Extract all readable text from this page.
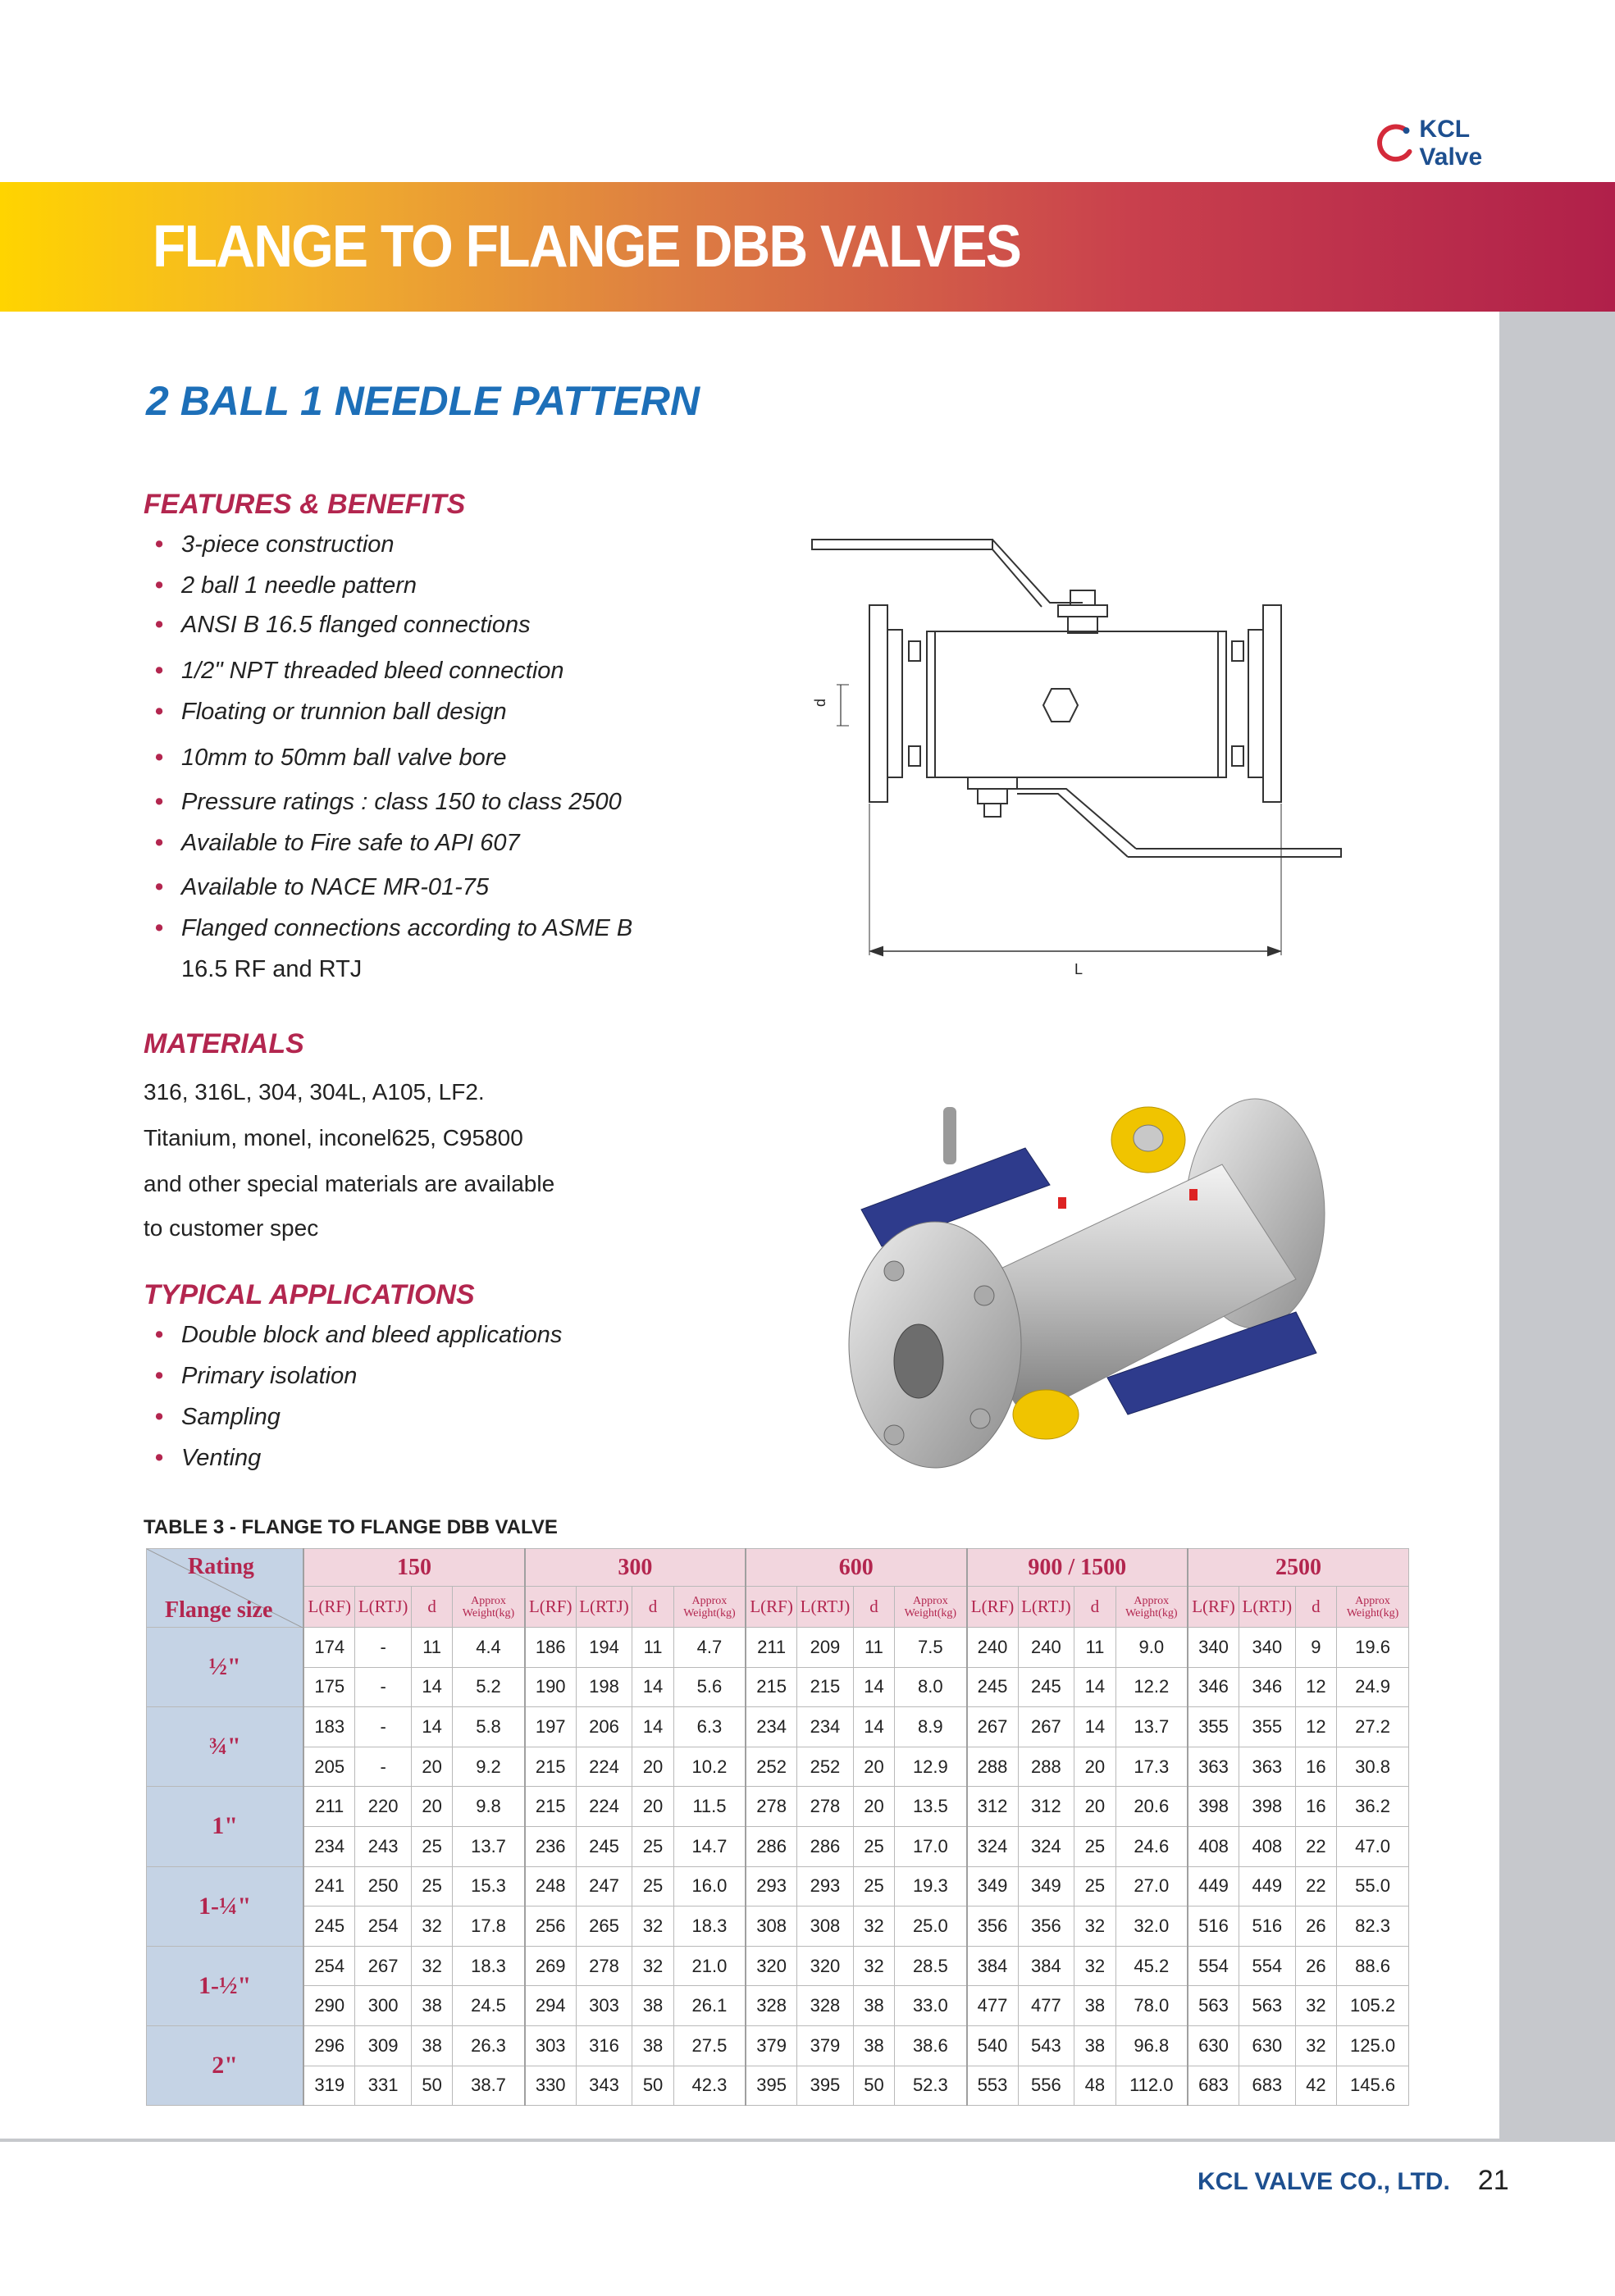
KCL Valve
FLANGE TO FLANGE DBB VALVES
2 BALL 1 NEEDLE PATTERN
FEATURES & BENEFITS
• 3-piece construction
• 2 ball 1 needle pattern
• ANSI B 16.5 flanged connections
• 1/2" NPT threaded bleed connection
• Floating or trunnion ball design
• 10mm to 50mm ball valve bore
• Pressure ratings : class 150 to class 2500
• Available to Fire safe to API 607
• Available to NACE MR-01-75
• Flanged connections according to ASME B
16.5 RF and RTJ
MATERIALS
316, 316L, 304, 304L, A105, LF2.
Titanium, monel, inconel625, C95800
and other special materials are available
to customer spec
TYPICAL APPLICATIONS
• Double block and bleed applications
• Primary isolation
• Sampling
• Venting
d
L
TABLE 3 - FLANGE TO FLANGE DBB VALVE
Rating
Flange size	150				300				600				900 / 1500				2500			
	L(RF)	L(RTJ)	d	Approx Weight(kg)	L(RF)	L(RTJ)	d	Approx Weight(kg)	L(RF)	L(RTJ)	d	Approx Weight(kg)	L(RF)	L(RTJ)	d	Approx Weight(kg)	L(RF)	L(RTJ)	d	Approx Weight(kg)
½"	174	-	11	4.4	186	194	11	4.7	211	209	11	7.5	240	240	11	9.0	340	340	9	19.6
	175	-	14	5.2	190	198	14	5.6	215	215	14	8.0	245	245	14	12.2	346	346	12	24.9
¾"	183	-	14	5.8	197	206	14	6.3	234	234	14	8.9	267	267	14	13.7	355	355	12	27.2
	205	-	20	9.2	215	224	20	10.2	252	252	20	12.9	288	288	20	17.3	363	363	16	30.8
1"	211	220	20	9.8	215	224	20	11.5	278	278	20	13.5	312	312	20	20.6	398	398	16	36.2
	234	243	25	13.7	236	245	25	14.7	286	286	25	17.0	324	324	25	24.6	408	408	22	47.0
1-¼"	241	250	25	15.3	248	247	25	16.0	293	293	25	19.3	349	349	25	27.0	449	449	22	55.0
	245	254	32	17.8	256	265	32	18.3	308	308	32	25.0	356	356	32	32.0	516	516	26	82.3
1-½"	254	267	32	18.3	269	278	32	21.0	320	320	32	28.5	384	384	32	45.2	554	554	26	88.6
	290	300	38	24.5	294	303	38	26.1	328	328	38	33.0	477	477	38	78.0	563	563	32	105.2
2"	296	309	38	26.3	303	316	38	27.5	379	379	38	38.6	540	543	38	96.8	630	630	32	125.0
	319	331	50	38.7	330	343	50	42.3	395	395	50	52.3	553	556	48	112.0	683	683	42	145.6
KCL VALVE CO., LTD. 21
